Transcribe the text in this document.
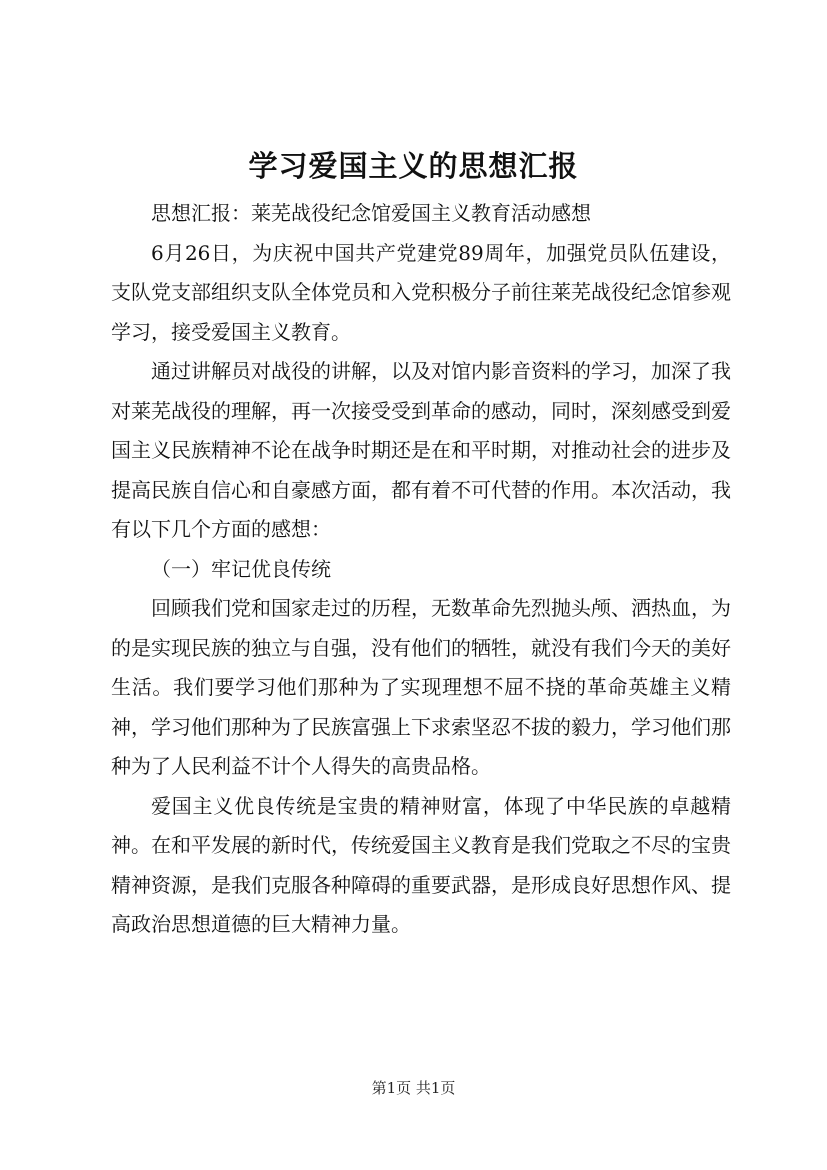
学习爱国主义的思想汇报

思想汇报：莱芜战役纪念馆爱国主义教育活动感想

6月26日，为庆祝中国共产党建党89周年，加强党员队伍建设，支队党支部组织支队全体党员和入党积极分子前往莱芜战役纪念馆参观学习，接受爱国主义教育。

通过讲解员对战役的讲解，以及对馆内影音资料的学习，加深了我对莱芜战役的理解，再一次接受受到革命的感动，同时，深刻感受到爱国主义民族精神不论在战争时期还是在和平时期，对推动社会的进步及提高民族自信心和自豪感方面，都有着不可代替的作用。本次活动，我有以下几个方面的感想：

（一）牢记优良传统

回顾我们党和国家走过的历程，无数革命先烈抛头颅、洒热血，为的是实现民族的独立与自强，没有他们的牺牲，就没有我们今天的美好生活。我们要学习他们那种为了实现理想不屈不挠的革命英雄主义精神，学习他们那种为了民族富强上下求索坚忍不拔的毅力，学习他们那种为了人民利益不计个人得失的高贵品格。

爱国主义优良传统是宝贵的精神财富，体现了中华民族的卓越精神。在和平发展的新时代，传统爱国主义教育是我们党取之不尽的宝贵精神资源，是我们克服各种障碍的重要武器，是形成良好思想作风、提高政治思想道德的巨大精神力量。

第1页 共1页
